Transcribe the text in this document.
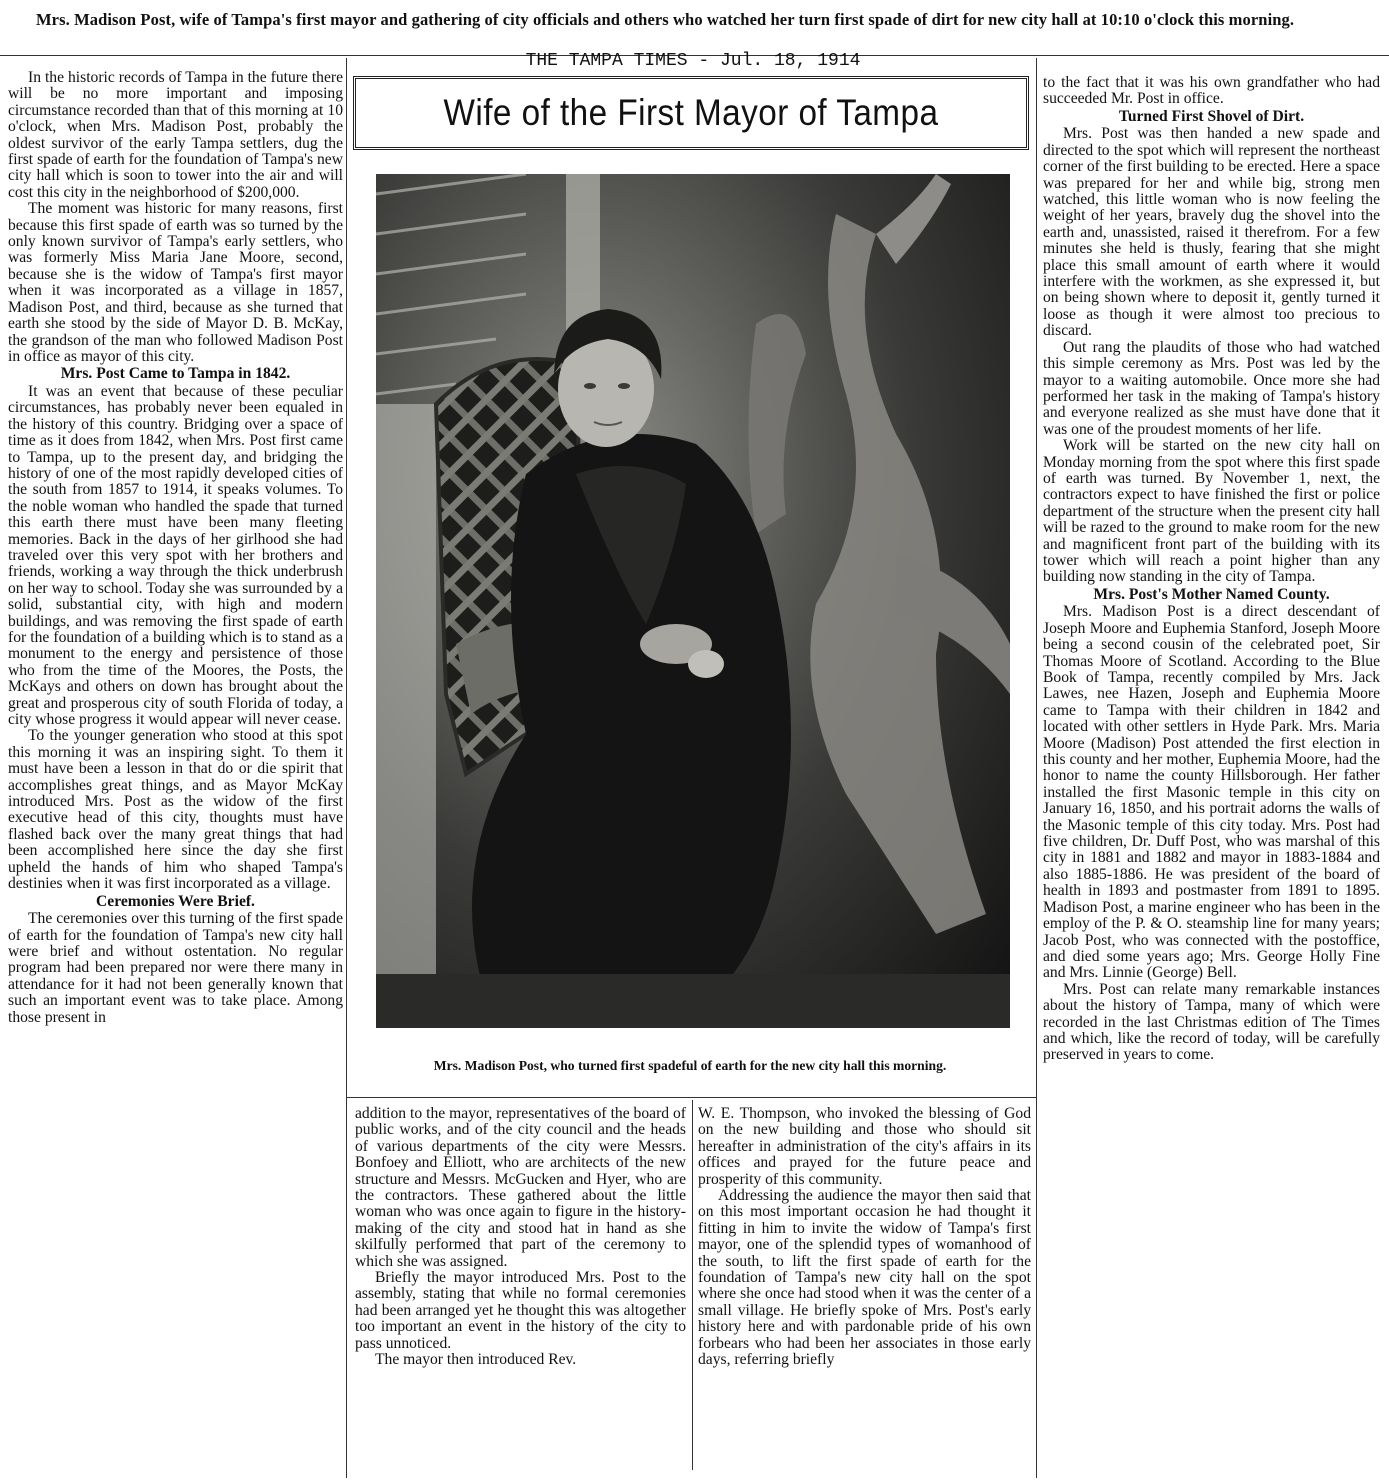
Mrs. Madison Post, wife of Tampa's first mayor and gathering of city officials and others who watched her turn first spade of dirt for new city hall at 10:10 o'clock this morning.
THE TAMPA TIMES - Jul. 18, 1914
Wife of the First Mayor of Tampa
Mrs. Madison Post, who turned first spadeful of earth for the new city hall this morning.

In the historic records of Tampa in the future there will be no more important and imposing circumstance recorded than that of this morning at 10 o'clock, when Mrs. Madison Post, probably the oldest survivor of the early Tampa settlers, dug the first spade of earth for the foundation of Tampa's new city hall which is soon to tower into the air and will cost this city in the neighborhood of $200,000.

The moment was historic for many reasons, first because this first spade of earth was so turned by the only known survivor of Tampa's early settlers, who was formerly Miss Maria Jane Moore, second, because she is the widow of Tampa's first mayor when it was incorporated as a village in 1857, Madison Post, and third, because as she turned that earth she stood by the side of Mayor D. B. McKay, the grandson of the man who followed Madison Post in office as mayor of this city.

Mrs. Post Came to Tampa in 1842.

It was an event that because of these peculiar circumstances, has probably never been equaled in the history of this country. Bridging over a space of time as it does from 1842, when Mrs. Post first came to Tampa, up to the present day, and bridging the history of one of the most rapidly developed cities of the south from 1857 to 1914, it speaks volumes. To the noble woman who handled the spade that turned this earth there must have been many fleeting memories. Back in the days of her girlhood she had traveled over this very spot with her brothers and friends, working a way through the thick underbrush on her way to school. Today she was surrounded by a solid, substantial city, with high and modern buildings, and was removing the first spade of earth for the foundation of a building which is to stand as a monument to the energy and persistence of those who from the time of the Moores, the Posts, the McKays and others on down has brought about the great and prosperous city of south Florida of today, a city whose progress it would appear will never cease.

To the younger generation who stood at this spot this morning it was an inspiring sight. To them it must have been a lesson in that do or die spirit that accomplishes great things, and as Mayor McKay introduced Mrs. Post as the widow of the first executive head of this city, thoughts must have flashed back over the many great things that had been accomplished here since the day she first upheld the hands of him who shaped Tampa's destinies when it was first incorporated as a village.

Ceremonies Were Brief.

The ceremonies over this turning of the first spade of earth for the foundation of Tampa's new city hall were brief and without ostentation. No regular program had been prepared nor were there many in attendance for it had not been generally known that such an important event was to take place. Among those present in

addition to the mayor, representatives of the board of public works, and of the city council and the heads of various departments of the city were Messrs. Bonfoey and Elliott, who are architects of the new structure and Messrs. McGucken and Hyer, who are the contractors. These gathered about the little woman who was once again to figure in the history-making of the city and stood hat in hand as she skilfully performed that part of the ceremony to which she was assigned.

Briefly the mayor introduced Mrs. Post to the assembly, stating that while no formal ceremonies had been arranged yet he thought this was altogether too important an event in the history of the city to pass unnoticed.

The mayor then introduced Rev.

W. E. Thompson, who invoked the blessing of God on the new building and those who should sit hereafter in administration of the city's affairs in its offices and prayed for the future peace and prosperity of this community.

Addressing the audience the mayor then said that on this most important occasion he had thought it fitting in him to invite the widow of Tampa's first mayor, one of the splendid types of womanhood of the south, to lift the first spade of earth for the foundation of Tampa's new city hall on the spot where she once had stood when it was the center of a small village. He briefly spoke of Mrs. Post's early history here and with pardonable pride of his own forbears who had been her associates in those early days, referring briefly

to the fact that it was his own grandfather who had succeeded Mr. Post in office.

Turned First Shovel of Dirt.

Mrs. Post was then handed a new spade and directed to the spot which will represent the northeast corner of the first building to be erected. Here a space was prepared for her and while big, strong men watched, this little woman who is now feeling the weight of her years, bravely dug the shovel into the earth and, unassisted, raised it therefrom. For a few minutes she held is thusly, fearing that she might place this small amount of earth where it would interfere with the workmen, as she expressed it, but on being shown where to deposit it, gently turned it loose as though it were almost too precious to discard.

Out rang the plaudits of those who had watched this simple ceremony as Mrs. Post was led by the mayor to a waiting automobile. Once more she had performed her task in the making of Tampa's history and everyone realized as she must have done that it was one of the proudest moments of her life.

Work will be started on the new city hall on Monday morning from the spot where this first spade of earth was turned. By November 1, next, the contractors expect to have finished the first or police department of the structure when the present city hall will be razed to the ground to make room for the new and magnificent front part of the building with its tower which will reach a point higher than any building now standing in the city of Tampa.

Mrs. Post's Mother Named County.

Mrs. Madison Post is a direct descendant of Joseph Moore and Euphemia Stanford, Joseph Moore being a second cousin of the celebrated poet, Sir Thomas Moore of Scotland. According to the Blue Book of Tampa, recently compiled by Mrs. Jack Lawes, nee Hazen, Joseph and Euphemia Moore came to Tampa with their children in 1842 and located with other settlers in Hyde Park. Mrs. Maria Moore (Madison) Post attended the first election in this county and her mother, Euphemia Moore, had the honor to name the county Hillsborough. Her father installed the first Masonic temple in this city on January 16, 1850, and his portrait adorns the walls of the Masonic temple of this city today. Mrs. Post had five children, Dr. Duff Post, who was marshal of this city in 1881 and 1882 and mayor in 1883-1884 and also 1885-1886. He was president of the board of health in 1893 and postmaster from 1891 to 1895. Madison Post, a marine engineer who has been in the employ of the P. & O. steamship line for many years; Jacob Post, who was connected with the postoffice, and died some years ago; Mrs. George Holly Fine and Mrs. Linnie (George) Bell.

Mrs. Post can relate many remarkable instances about the history of Tampa, many of which were recorded in the last Christmas edition of The Times and which, like the record of today, will be carefully preserved in years to come.
